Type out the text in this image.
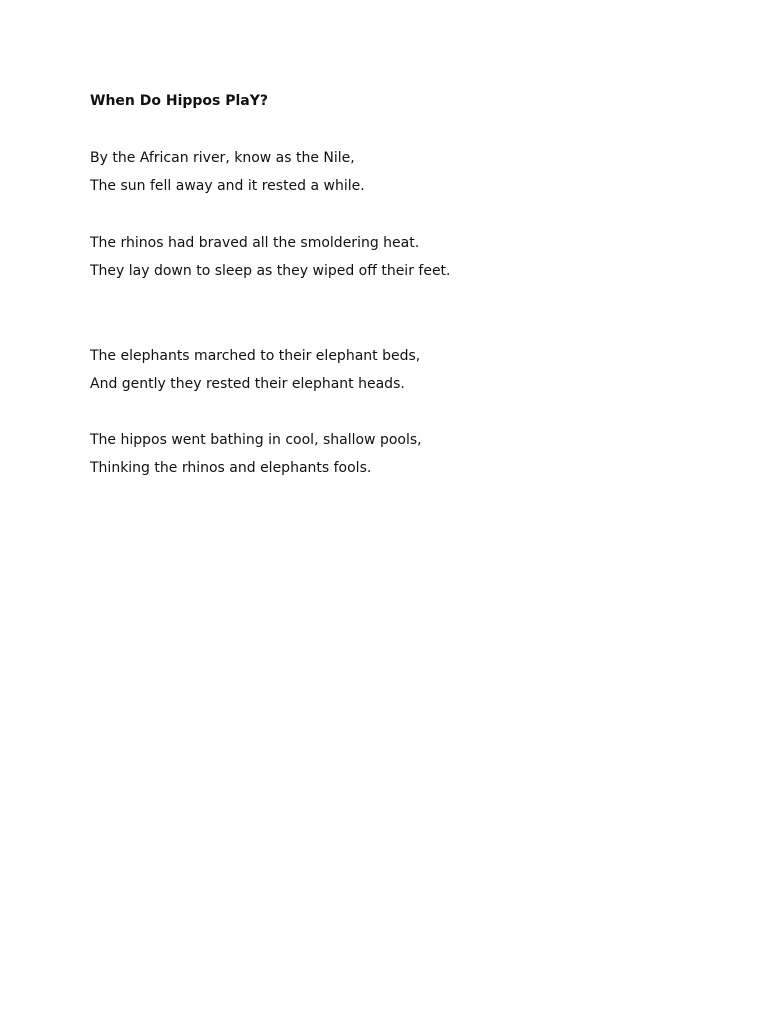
When Do Hippos PlaY?
By the African river, know as the Nile,
The sun fell away and it rested a while.
The rhinos had braved all the smoldering heat.
They lay down to sleep as they wiped off their feet.
The elephants marched to their elephant beds,
And gently they rested their elephant heads.
The hippos went bathing in cool, shallow pools,
Thinking the rhinos and elephants fools.
